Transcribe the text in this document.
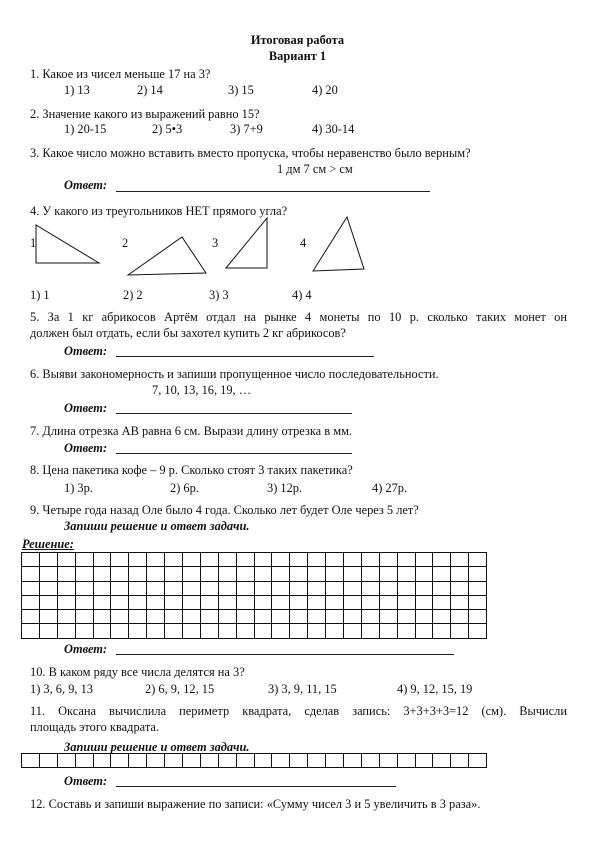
Итоговая работа
Вариант 1
1. Какое из чисел меньше 17 на 3?
1) 13	2) 14	3) 15	4) 20
2. Значение какого из выражений равно 15?
1) 20-15	2) 5•3	3) 7+9	4) 30-14
3. Какое число можно вставить вместо пропуска, чтобы неравенство было верным?
1 дм 7 см > см
Ответ:
4. У какого из треугольников НЕТ прямого угла?
1	2	3	4
1) 1	2) 2	3) 3	4) 4
5. За 1 кг абрикосов Артём отдал на рынке 4 монеты по 10 р. сколько таких монет он
должен был отдать, если бы захотел купить 2 кг абрикосов?
Ответ:
6. Выяви закономерность и запиши пропущенное число последовательности.
7, 10, 13, 16, 19, …
Ответ:
7. Длина отрезка АВ равна 6 см. Вырази длину отрезка в мм.
Ответ:
8. Цена пакетика кофе – 9 р. Сколько стоят 3 таких пакетика?
1) 3р.	2) 6р.	3) 12р.	4) 27р.
9. Четыре года назад Оле было 4 года. Сколько лет будет Оле через 5 лет?
Запиши решение и ответ задачи.
Решение:

Ответ:
10. В каком ряду все числа делятся на 3?
1) 3, 6, 9, 13	2) 6, 9, 12, 15	3) 3, 9, 11, 15	4) 9, 12, 15, 19
11. Оксана вычислила периметр квадрата, сделав запись: 3+3+3+3=12 (см). Вычисли
площадь этого квадрата.
Запиши решение и ответ задачи.

Ответ:
12. Составь и запиши выражение по записи: «Сумму чисел 3 и 5 увеличить в 3 раза».
